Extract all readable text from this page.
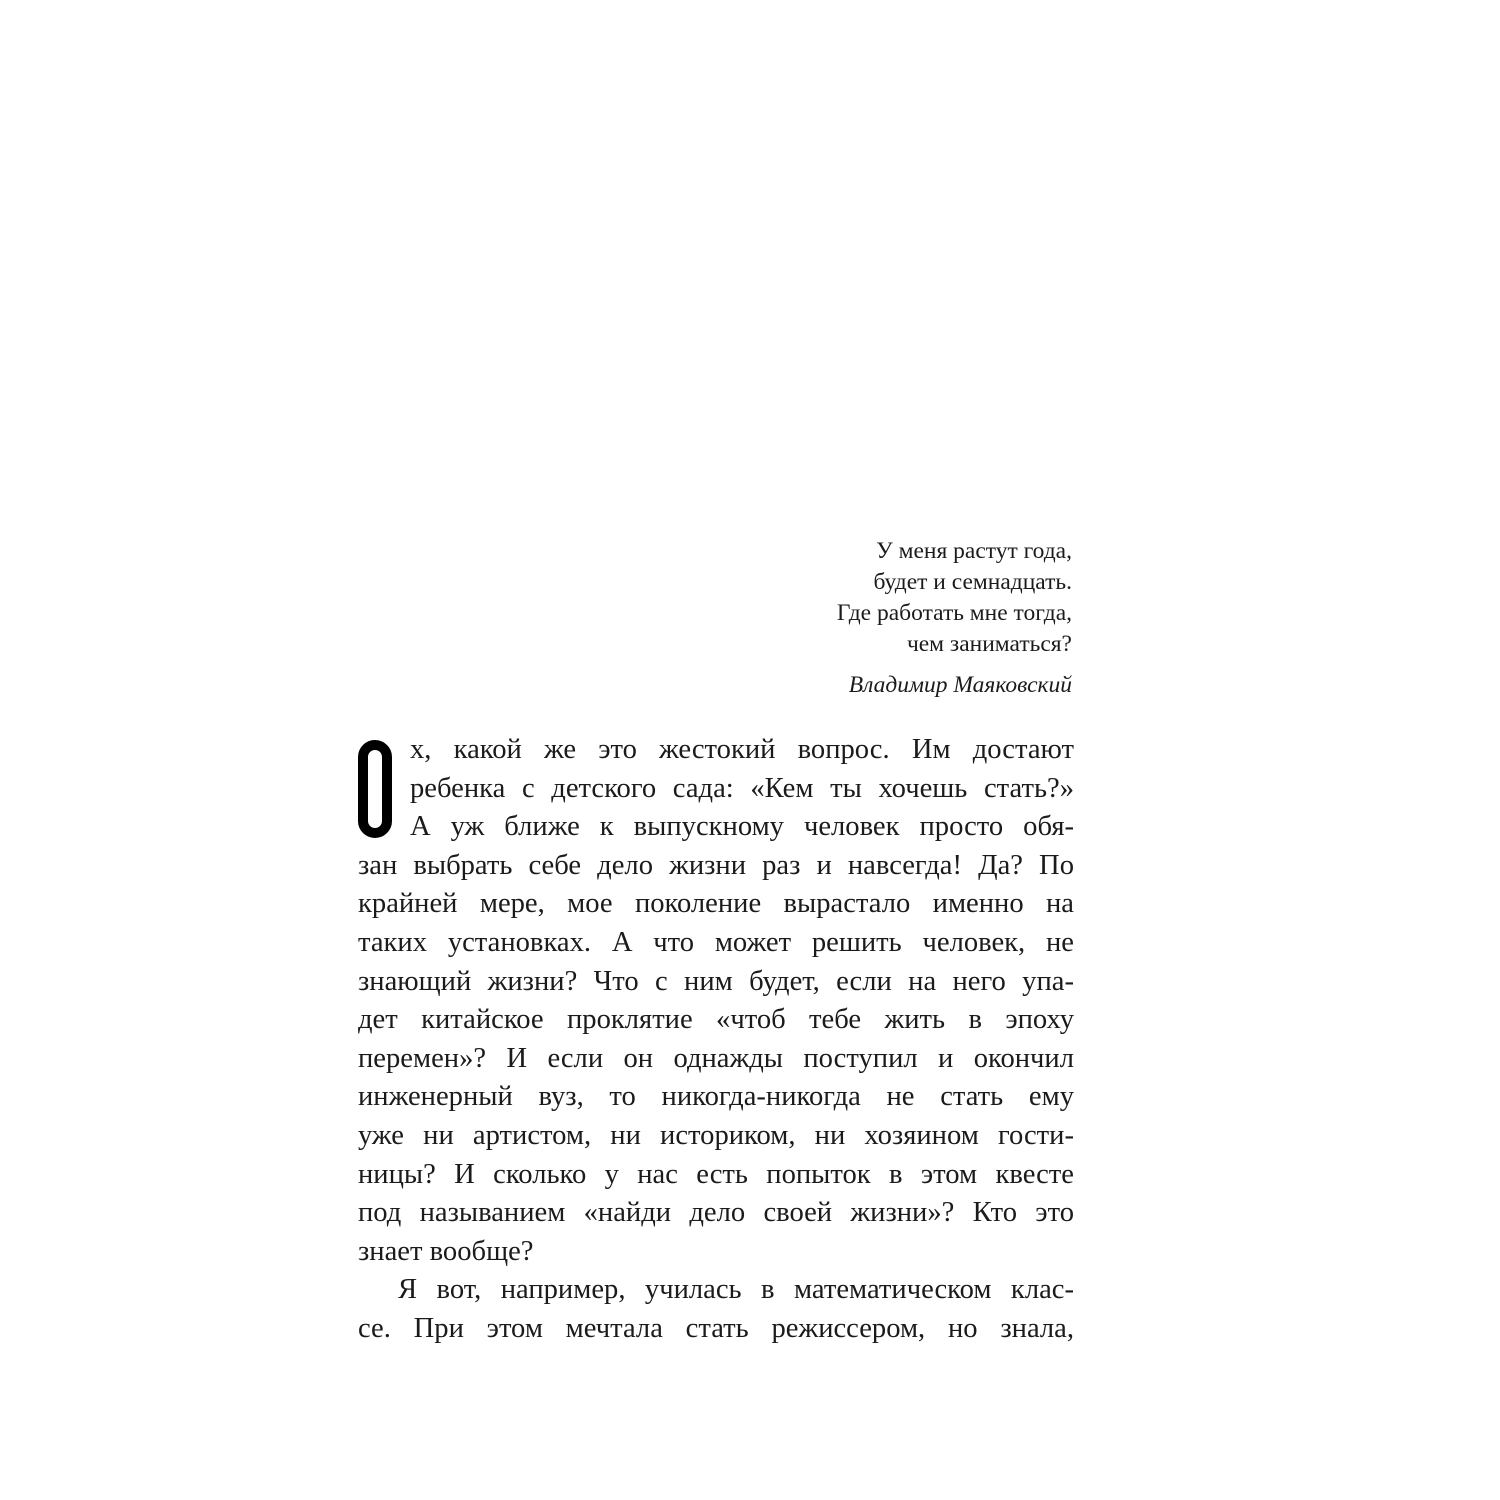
У меня растут года,
будет и семнадцать.
Где работать мне тогда,
чем заниматься?
Владимир Маяковский
х, какой же это жестокий вопрос. Им достают
ребенка с детского сада: «Кем ты хочешь стать?»
А уж ближе к выпускному человек просто обя-
зан выбрать себе дело жизни раз и навсегда! Да? По
крайней мере, мое поколение вырастало именно на
таких установках. А что может решить человек, не
знающий жизни? Что с ним будет, если на него упа-
дет китайское проклятие «чтоб тебе жить в эпоху
перемен»? И если он однажды поступил и окончил
инженерный вуз, то никогда-никогда не стать ему
уже ни артистом, ни историком, ни хозяином гости-
ницы? И сколько у нас есть попыток в этом квесте
под называнием «найди дело своей жизни»? Кто это
знает вообще?
Я вот, например, училась в математическом клас-
се. При этом мечтала стать режиссером, но знала,
